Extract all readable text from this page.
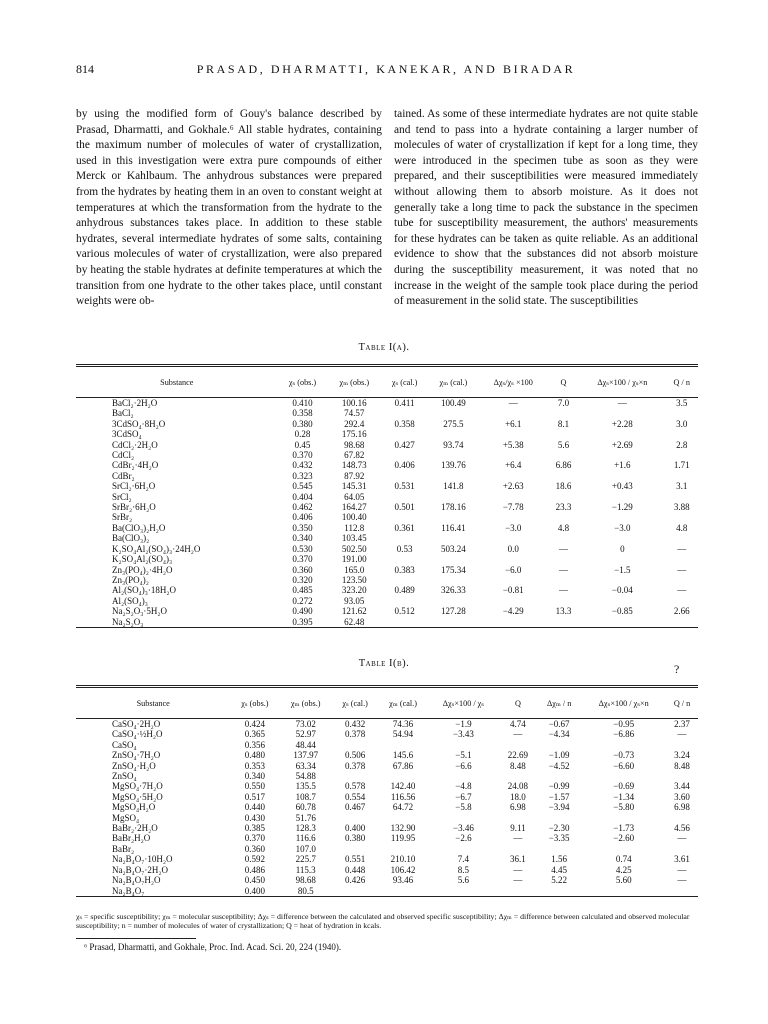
814	PRASAD, DHARMATTI, KANEKAR, AND BIRADAR

by using the modified form of Gouy's balance described by Prasad, Dharmatti, and Gokhale.⁶ All stable hydrates, containing the maximum number of molecules of water of crystallization, used in this investigation were extra pure compounds of either Merck or Kahlbaum. The anhydrous substances were prepared from the hydrates by heating them in an oven to constant weight at temperatures at which the transformation from the hydrate to the anhydrous substances takes place. In addition to these stable hydrates, several intermediate hydrates of some salts, containing various molecules of water of crystallization, were also prepared by heating the stable hydrates at definite temperatures at which the transition from one hydrate to the other takes place, until constant weights were ob-

tained. As some of these intermediate hydrates are not quite stable and tend to pass into a hydrate containing a larger number of molecules of water of crystallization if kept for a long time, they were introduced in the specimen tube as soon as they were prepared, and their susceptibilities were measured immediately without allowing them to absorb moisture. As it does not generally take a long time to pack the substance in the specimen tube for susceptibility measurement, the authors' measurements for these hydrates can be taken as quite reliable. As an additional evidence to show that the substances did not absorb moisture during the susceptibility measurement, it was noted that no increase in the weight of the sample took place during the period of measurement in the solid state. The susceptibilities

Table I(a).
Substance	χₛ (obs.)	χₘ (obs.)	χₛ (cal.)	χₘ (cal.)	Δχₛ/χₛ ×100	Q	Δχₛ×100 / χₛ×n	Q / n
BaCl₂·2H₂O	0.410	100.16	0.411	100.49	—	7.0	—	3.5
BaCl₂	0.358	74.57						
3CdSO₄·8H₂O	0.380	292.4	0.358	275.5	+6.1	8.1	+2.28	3.0
3CdSO₄	0.28	175.16						
CdCl₂·2H₂O	0.45	98.68	0.427	93.74	+5.38	5.6	+2.69	2.8
CdCl₂	0.370	67.82						
CdBr₂·4H₂O	0.432	148.73	0.406	139.76	+6.4	6.86	+1.6	1.71
CdBr₂	0.323	87.92						
SrCl₂·6H₂O	0.545	145.31	0.531	141.8	+2.63	18.6	+0.43	3.1
SrCl₂	0.404	64.05						
SrBr₂·6H₂O	0.462	164.27	0.501	178.16	−7.78	23.3	−1.29	3.88
SrBr₂	0.406	100.40						
Ba(ClO₃)₂H₂O	0.350	112.8	0.361	116.41	−3.0	4.8	−3.0	4.8
Ba(ClO₃)₂	0.340	103.45						
K₂SO₄Al₂(SO₄)₃·24H₂O	0.530	502.50	0.53	503.24	0.0	—	0	—
K₂SO₄Al₂(SO₄)₃	0.370	191.00						
Zn₃(PO₄)₂·4H₂O	0.360	165.0	0.383	175.34	−6.0	—	−1.5	—
Zn₃(PO₄)₂	0.320	123.50						
Al₂(SO₄)₃·18H₂O	0.485	323.20	0.489	326.33	−0.81	—	−0.04	—
Al₂(SO₄)₃	0.272	93.05						
Na₂S₂O₃·5H₂O	0.490	121.62	0.512	127.28	−4.29	13.3	−0.85	2.66
Na₂S₂O₃	0.395	62.48						

Table I(b).	?
Substance	χₛ (obs.)	χₘ (obs.)	χₛ (cal.)	χₘ (cal.)	Δχₛ×100 / χₛ	Q	Δχₘ / n	Δχₛ×100 / χₛ×n	Q / n
CaSO₄·2H₂O	0.424	73.02	0.432	74.36	−1.9	4.74	−0.67	−0.95	2.37
CaSO₄·½H₂O	0.365	52.97	0.378	54.94	−3.43	—	−4.34	−6.86	—
CaSO₄	0.356	48.44							
ZnSO₄·7H₂O	0.480	137.97	0.506	145.6	−5.1	22.69	−1.09	−0.73	3.24
ZnSO₄·H₂O	0.353	63.34	0.378	67.86	−6.6	8.48	−4.52	−6.60	8.48
ZnSO₄	0.340	54.88							
MgSO₄·7H₂O	0.550	135.5	0.578	142.40	−4.8	24.08	−0.99	−0.69	3.44
MgSO₄·5H₂O	0.517	108.7	0.554	116.56	−6.7	18.0	−1.57	−1.34	3.60
MgSO₄H₂O	0.440	60.78	0.467	64.72	−5.8	6.98	−3.94	−5.80	6.98
MgSO₄	0.430	51.76							
BaBr₂·2H₂O	0.385	128.3	0.400	132.90	−3.46	9.11	−2.30	−1.73	4.56
BaBr₂H₂O	0.370	116.6	0.380	119.95	−2.6	—	−3.35	−2.60	—
BaBr₂	0.360	107.0							
Na₂B₄O₇·10H₂O	0.592	225.7	0.551	210.10	7.4	36.1	1.56	0.74	3.61
Na₂B₄O₇·2H₂O	0.486	115.3	0.448	106.42	8.5	—	4.45	4.25	—
Na₂B₄O₇H₂O	0.450	98.68	0.426	93.46	5.6	—	5.22	5.60	—
Na₂B₄O₇	0.400	80.5							

χₛ = specific susceptibility; χₘ = molecular susceptibility; Δχₛ = difference between the calculated and observed specific susceptibility; Δχₘ = difference between calculated and observed molecular susceptibility; n = number of molecules of water of crystallization; Q = heat of hydration in kcals.
⁶ Prasad, Dharmatti, and Gokhale, Proc. Ind. Acad. Sci. 20, 224 (1940).
